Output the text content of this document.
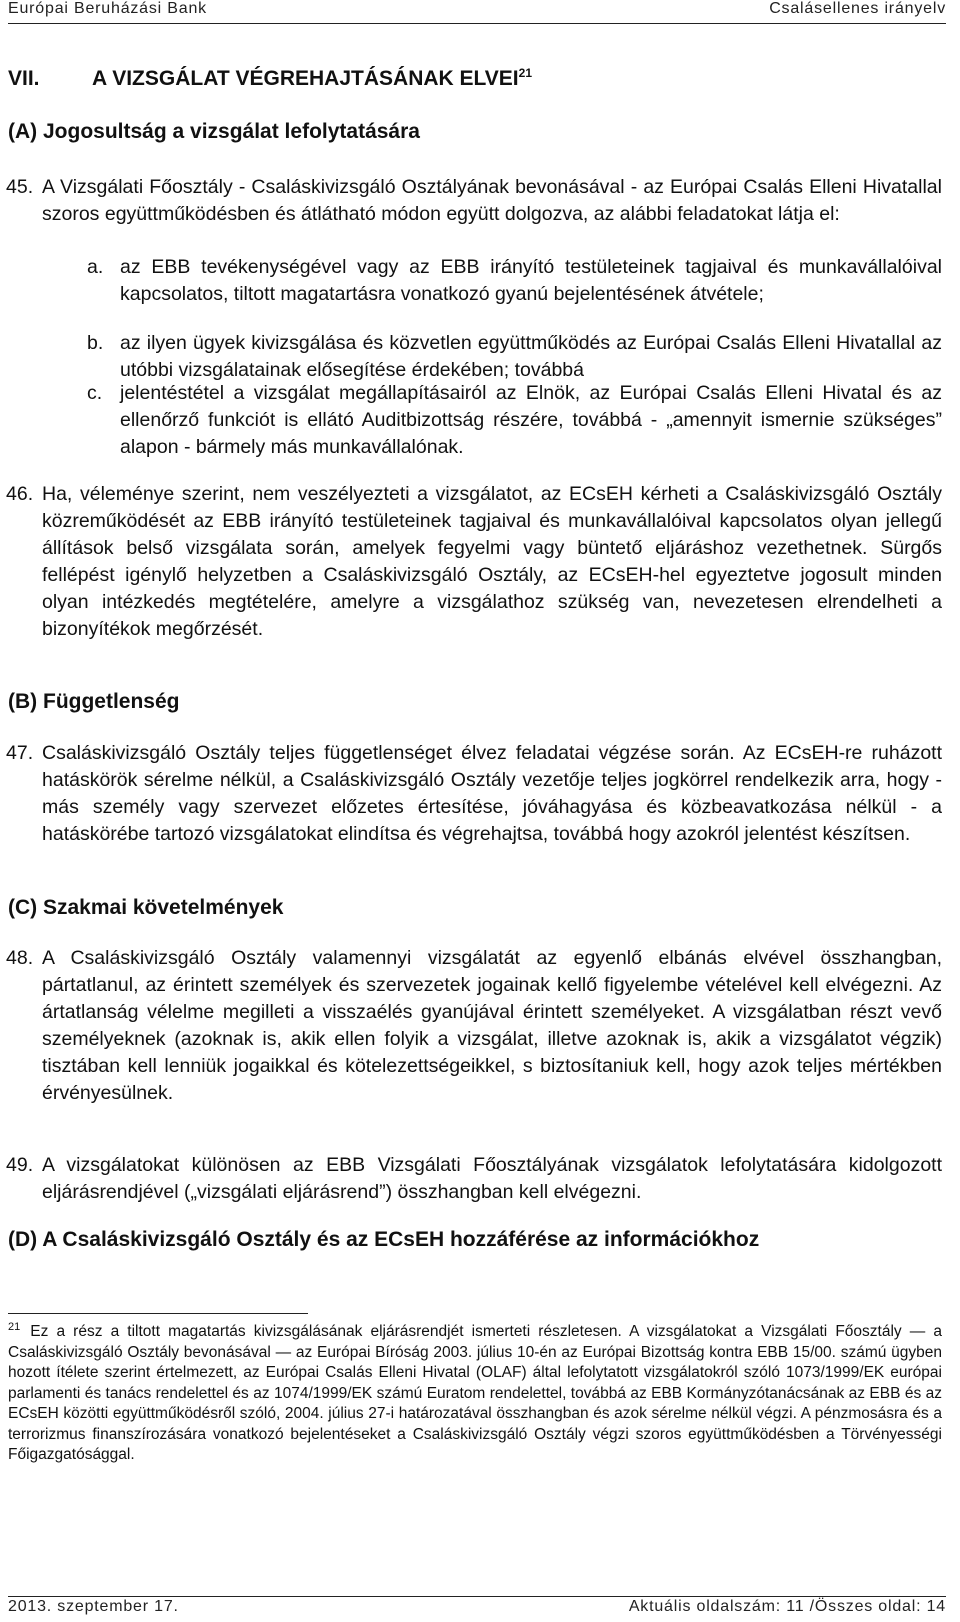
Európai Beruházási Bank	Csalásellenes irányelv
VII. A VIZSGÁLAT VÉGREHAJTÁSÁNAK ELVEI$^{21}$
(A) Jogosultság a vizsgálat lefolytatására
45. A Vizsgálati Főosztály - Csaláskivizsgáló Osztályának bevonásával - az Európai Csalás Elleni Hivatallal szoros együttműködésben és átlátható módon együtt dolgozva, az alábbi feladatokat látja el:
a. az EBB tevékenységével vagy az EBB irányító testületeinek tagjaival és munkavállalóival kapcsolatos, tiltott magatartásra vonatkozó gyanú bejelentésének átvétele;
b. az ilyen ügyek kivizsgálása és közvetlen együttműködés az Európai Csalás Elleni Hivatallal az utóbbi vizsgálatainak elősegítése érdekében; továbbá
c. jelentéstétel a vizsgálat megállapításairól az Elnök, az Európai Csalás Elleni Hivatal és az ellenőrző funkciót is ellátó Auditbizottság részére, továbbá - „amennyit ismernie szükséges” alapon - bármely más munkavállalónak.
46. Ha, véleménye szerint, nem veszélyezteti a vizsgálatot, az ECsEH kérheti a Csaláskivizsgáló Osztály közreműködését az EBB irányító testületeinek tagjaival és munkavállalóival kapcsolatos olyan jellegű állítások belső vizsgálata során, amelyek fegyelmi vagy büntető eljáráshoz vezethetnek. Sürgős fellépést igénylő helyzetben a Csaláskivizsgáló Osztály, az ECsEH-hel egyeztetve jogosult minden olyan intézkedés megtételére, amelyre a vizsgálathoz szükség van, nevezetesen elrendelheti a bizonyítékok megőrzését.
(B) Függetlenség
47. Csaláskivizsgáló Osztály teljes függetlenséget élvez feladatai végzése során. Az ECsEH-re ruházott hatáskörök sérelme nélkül, a Csaláskivizsgáló Osztály vezetője teljes jogkörrel rendelkezik arra, hogy - más személy vagy szervezet előzetes értesítése, jóváhagyása és közbeavatkozása nélkül - a hatáskörébe tartozó vizsgálatokat elindítsa és végrehajtsa, továbbá hogy azokról jelentést készítsen.
(C) Szakmai követelmények
48. A Csaláskivizsgáló Osztály valamennyi vizsgálatát az egyenlő elbánás elvével összhangban, pártatlanul, az érintett személyek és szervezetek jogainak kellő figyelembe vételével kell elvégezni. Az ártatlanság vélelme megilleti a visszaélés gyanújával érintett személyeket. A vizsgálatban részt vevő személyeknek (azoknak is, akik ellen folyik a vizsgálat, illetve azoknak is, akik a vizsgálatot végzik) tisztában kell lenniük jogaikkal és kötelezettségeikkel, s biztosítaniuk kell, hogy azok teljes mértékben érvényesülnek.
49. A vizsgálatokat különösen az EBB Vizsgálati Főosztályának vizsgálatok lefolytatására kidolgozott eljárásrendjével („vizsgálati eljárásrend”) összhangban kell elvégezni.
(D) A Csaláskivizsgáló Osztály és az ECsEH hozzáférése az információkhoz
$^{21}$ Ez a rész a tiltott magatartás kivizsgálásának eljárásrendjét ismerteti részletesen. A vizsgálatokat a Vizsgálati Főosztály — a Csaláskivizsgáló Osztály bevonásával — az Európai Bíróság 2003. július 10-én az Európai Bizottság kontra EBB 15/00. számú ügyben hozott ítélete szerint értelmezett, az Európai Csalás Elleni Hivatal (OLAF) által lefolytatott vizsgálatokról szóló 1073/1999/EK európai parlamenti és tanács rendelettel és az 1074/1999/EK számú Euratom rendelettel, továbbá az EBB Kormányzótanácsának az EBB és az ECsEH közötti együttműködésről szóló, 2004. július 27-i határozatával összhangban és azok sérelme nélkül végzi. A pénzmosásra és a terrorizmus finanszírozására vonatkozó bejelentéseket a Csaláskivizsgáló Osztály végzi szoros együttműködésben a Törvényességi Főigazgatósággal.
2013. szeptember 17.	Aktuális oldalszám: 11 /Összes oldal: 14
